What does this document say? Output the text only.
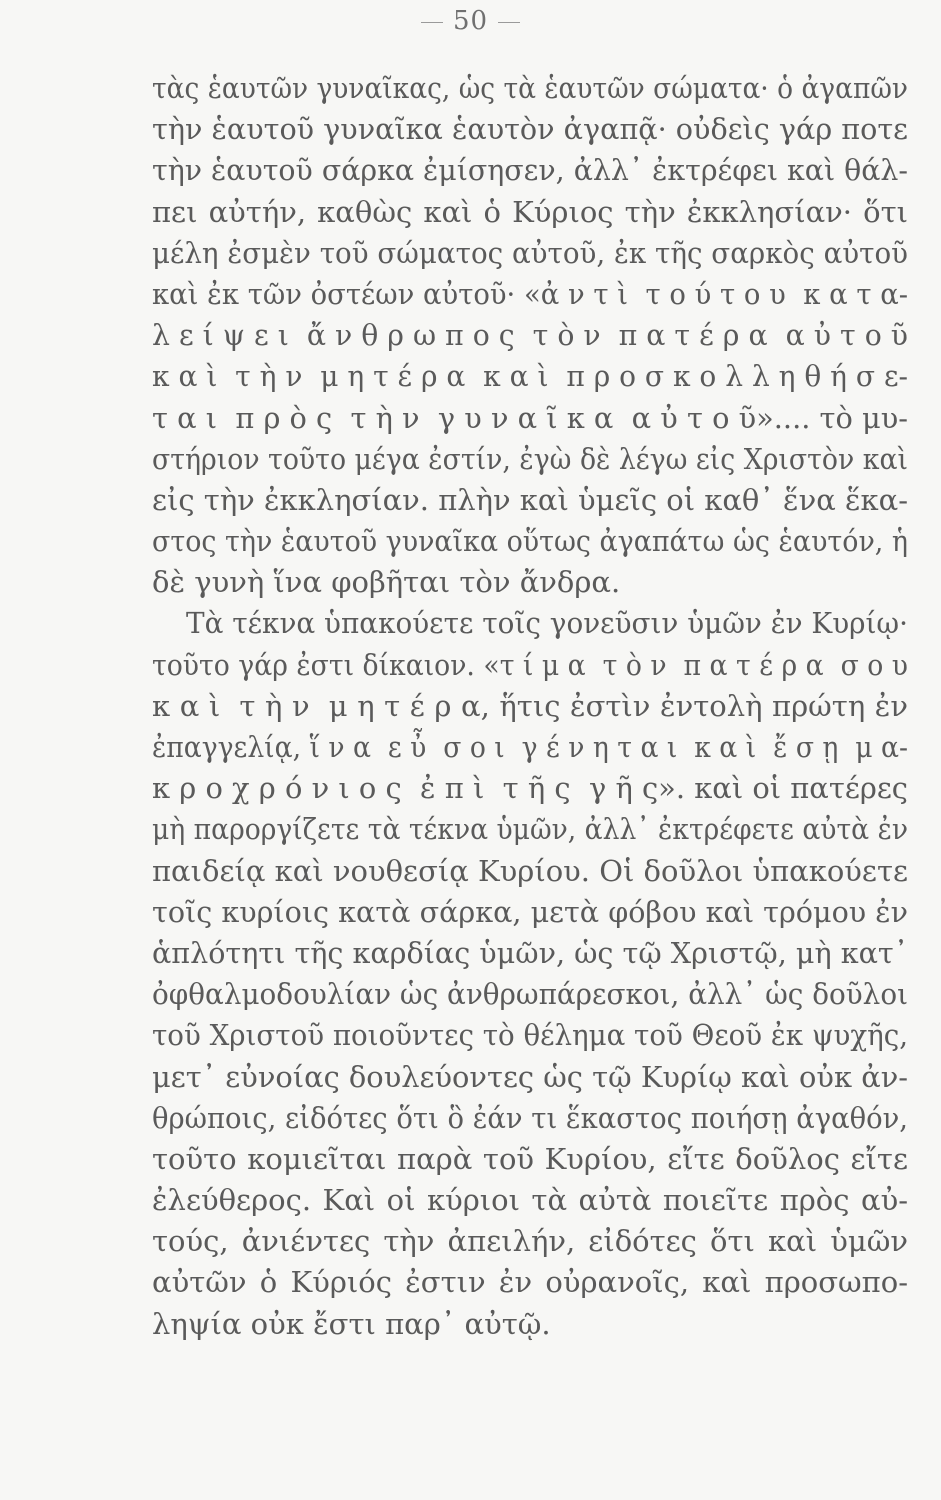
50
τὰς ἑαυτῶν γυναῖκας, ὡς τὰ ἑαυτῶν σώματα· ὁ ἀγαπῶν
τὴν ἑαυτοῦ γυναῖκα ἑαυτὸν ἀγαπᾷ· οὐδεὶς γάρ ποτε
τὴν ἑαυτοῦ σάρκα ἐμίσησεν, ἀλλ᾽ ἐκτρέφει καὶ θάλ-
πει αὐτήν, καθὼς καὶ ὁ Κύριος τὴν ἐκκλησίαν· ὅτι
μέλη ἐσμὲν τοῦ σώματος αὐτοῦ, ἐκ τῆς σαρκὸς αὐτοῦ
καὶ ἐκ τῶν ὀστέων αὐτοῦ· «ἀ ν τ ὶ  τ ο ύ τ ο υ  κ α τ α-
λ ε ί ψ ε ι  ἄ ν θ ρ ω π ο ς  τ ὸ ν  π α τ έ ρ α  α ὐ τ ο ῦ
κ α ὶ  τ ὴ ν  μ η τ έ ρ α  κ α ὶ  π ρ ο σ κ ο λ λ η θ ή σ ε-
τ α ι  π ρ ὸ ς  τ ὴ ν  γ υ ν α ῖ κ α  α ὐ τ ο ῦ».... τὸ μυ-
στήριον τοῦτο μέγα ἐστίν, ἐγὼ δὲ λέγω εἰς Χριστὸν καὶ
εἰς τὴν ἐκκλησίαν. πλὴν καὶ ὑμεῖς οἱ καθ᾽ ἕνα ἕκα-
στος τὴν ἑαυτοῦ γυναῖκα οὕτως ἀγαπάτω ὡς ἑαυτόν, ἡ
δὲ γυνὴ ἵνα φοβῆται τὸν ἄνδρα.
Τὰ τέκνα ὑπακούετε τοῖς γονεῦσιν ὑμῶν ἐν Κυρίῳ·
τοῦτο γάρ ἐστι δίκαιον. «τ ί μ α  τ ὸ ν  π α τ έ ρ α  σ ο υ
κ α ὶ  τ ὴ ν  μ η τ έ ρ α, ἥτις ἐστὶν ἐντολὴ πρώτη ἐν
ἐπαγγελίᾳ, ἵ ν α  ε ὖ  σ ο ι  γ έ ν η τ α ι  κ α ὶ  ἔ σ ῃ  μ α-
κ ρ ο χ ρ ό ν ι ο ς  ἐ π ὶ  τ ῆ ς  γ ῆ ς». καὶ οἱ πατέρες
μὴ παροργίζετε τὰ τέκνα ὑμῶν, ἀλλ᾽ ἐκτρέφετε αὐτὰ ἐν
παιδείᾳ καὶ νουθεσίᾳ Κυρίου. Οἱ δοῦλοι ὑπακούετε
τοῖς κυρίοις κατὰ σάρκα, μετὰ φόβου καὶ τρόμου ἐν
ἁπλότητι τῆς καρδίας ὑμῶν, ὡς τῷ Χριστῷ, μὴ κατ᾽
ὀφθαλμοδουλίαν ὡς ἀνθρωπάρεσκοι, ἀλλ᾽ ὡς δοῦλοι
τοῦ Χριστοῦ ποιοῦντες τὸ θέλημα τοῦ Θεοῦ ἐκ ψυχῆς,
μετ᾽ εὐνοίας δουλεύοντες ὡς τῷ Κυρίῳ καὶ οὐκ ἀν-
θρώποις, εἰδότες ὅτι ὃ ἐάν τι ἕκαστος ποιήσῃ ἀγαθόν,
τοῦτο κομιεῖται παρὰ τοῦ Κυρίου, εἴτε δοῦλος εἴτε
ἐλεύθερος. Καὶ οἱ κύριοι τὰ αὐτὰ ποιεῖτε πρὸς αὐ-
τούς, ἀνιέντες τὴν ἀπειλήν, εἰδότες ὅτι καὶ ὑμῶν
αὐτῶν ὁ Κύριός ἐστιν ἐν οὐρανοῖς, καὶ προσωπο-
ληψία οὐκ ἔστι παρ᾽ αὐτῷ.
